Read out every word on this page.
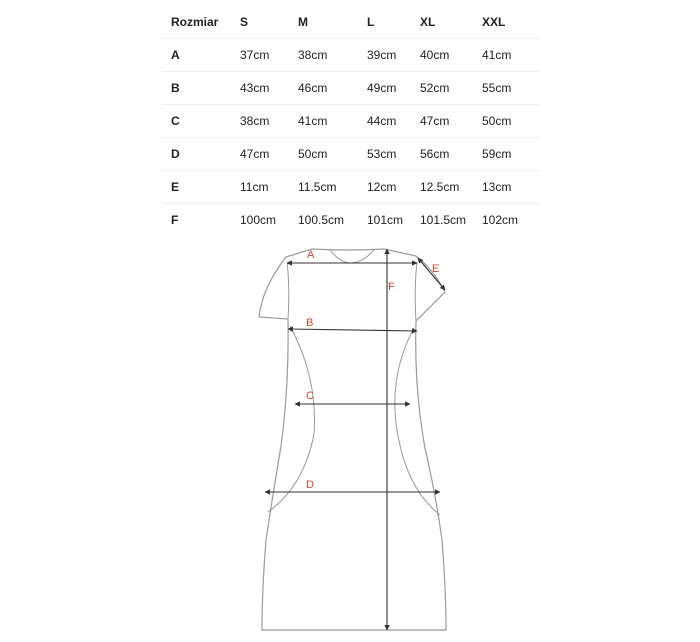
Rozmiar	S	M	L	XL	XXL
A	37cm	38cm	39cm	40cm	41cm
B	43cm	46cm	49cm	52cm	55cm
C	38cm	41cm	44cm	47cm	50cm
D	47cm	50cm	53cm	56cm	59cm
E	11cm	11.5cm	12cm	12.5cm	13cm
F	100cm	100.5cm	101cm	101.5cm	102cm
A
B
C
D
E
F
